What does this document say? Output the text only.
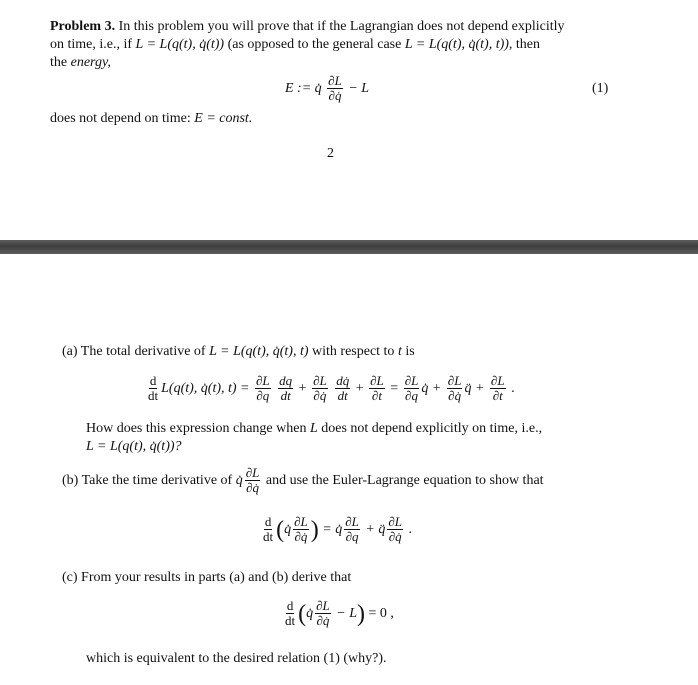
Problem 3. In this problem you will prove that if the Lagrangian does not depend explicitly
on time, i.e., if L = L(q(t), q̇(t)) (as opposed to the general case L = L(q(t), q̇(t), t)), then
the energy,
E := q̇ $\frac{\partial L}{\partial q̇} - L$	(1)
does not depend on time: E = const.
2
(a) The total derivative of L = L(q(t), q̇(t), t) with respect to t is
$\frac{d}{dt} L(q(t)$, q̇(t), $t) = \frac{\partial L}{\partial q}$
$\frac{dq}{dt} + \frac{\partial L}{\partial q̇}$
$\frac{dq̇}{dt} + \frac{\partial L}{\partial t} = \frac{\partial L}{\partial q}$ q̇ + $\frac{\partial L}{\partial q̇}$ q̈ + $\frac{\partial L}{\partial t}$ .
How does this expression change when L does not depend explicitly on time, i.e.,
L = L(q(t), q̇(t))?
(b) Take the time derivative of q̇ $\frac{\partial L}{\partial q̇}$ and use the Euler-Lagrange equation to show that
$\frac{d}{dt}$ (q̇ $\frac{\partial L}{\partial q̇}$ ) = q̇ $\frac{\partial L}{\partial q}$ + q̈ $\frac{\partial L}{\partial q̇}$ .
(c) From your results in parts (a) and (b) derive that
$\frac{d}{dt}$ (q̇ $\frac{\partial L}{\partial q̇} - L) = 0$ ,
which is equivalent to the desired relation (1) (why?).
